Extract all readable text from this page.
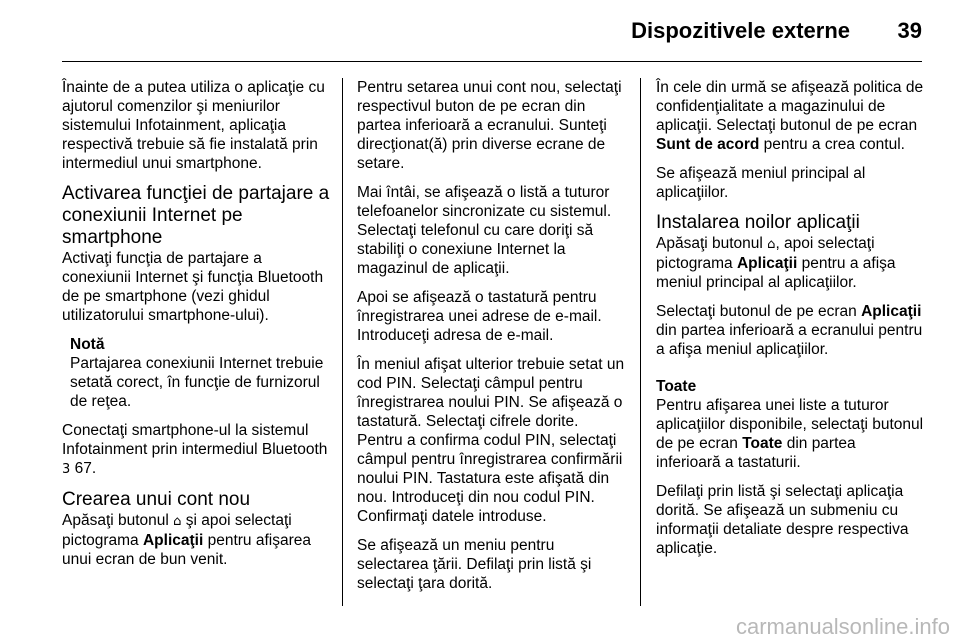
Dispozitivele externe	39

Înainte de a putea utiliza o aplicaţie cu ajutorul comenzilor şi meniurilor sistemului Infotainment, aplicaţia respectivă trebuie să fie instalată prin intermediul unui smartphone.

Activarea funcţiei de partajare a conexiunii Internet pe smartphone

Activaţi funcţia de partajare a conexiunii Internet şi funcţia Bluetooth de pe smartphone (vezi ghidul utilizatorului smartphone-ului).

Notă
Partajarea conexiunii Internet trebuie setată corect, în funcţie de furnizorul de reţea.

Conectaţi smartphone-ul la sistemul Infotainment prin intermediul Bluetooth 3 67.

Crearea unui cont nou

Apăsaţi butonul ⌂ şi apoi selectaţi pictograma Aplicaţii pentru afişarea unui ecran de bun venit.

Pentru setarea unui cont nou, selectaţi respectivul buton de pe ecran din partea inferioară a ecranului. Sunteţi direcţionat(ă) prin diverse ecrane de setare.

Mai întâi, se afişează o listă a tuturor telefoanelor sincronizate cu sistemul. Selectaţi telefonul cu care doriţi să stabiliţi o conexiune Internet la magazinul de aplicaţii.

Apoi se afişează o tastatură pentru înregistrarea unei adrese de e-mail. Introduceţi adresa de e-mail.

În meniul afişat ulterior trebuie setat un cod PIN. Selectaţi câmpul pentru înregistrarea noului PIN. Se afişează o tastatură. Selectaţi cifrele dorite. Pentru a confirma codul PIN, selectaţi câmpul pentru înregistrarea confirmării noului PIN. Tastatura este afişată din nou. Introduceţi din nou codul PIN. Confirmaţi datele introduse.

Se afişează un meniu pentru selectarea ţării. Defilaţi prin listă şi selectaţi ţara dorită.

În cele din urmă se afişează politica de confidenţialitate a magazinului de aplicaţii. Selectaţi butonul de pe ecran Sunt de acord pentru a crea contul.

Se afişează meniul principal al aplicaţiilor.

Instalarea noilor aplicaţii

Apăsaţi butonul ⌂, apoi selectaţi pictograma Aplicaţii pentru a afişa meniul principal al aplicaţiilor.

Selectaţi butonul de pe ecran Aplicaţii din partea inferioară a ecranului pentru a afişa meniul aplicaţiilor.

Toate
Pentru afişarea unei liste a tuturor aplicaţiilor disponibile, selectaţi butonul de pe ecran Toate din partea inferioară a tastaturii.

Defilaţi prin listă şi selectaţi aplicaţia dorită. Se afişează un submeniu cu informaţii detaliate despre respectiva aplicaţie.

carmanualsonline.info
